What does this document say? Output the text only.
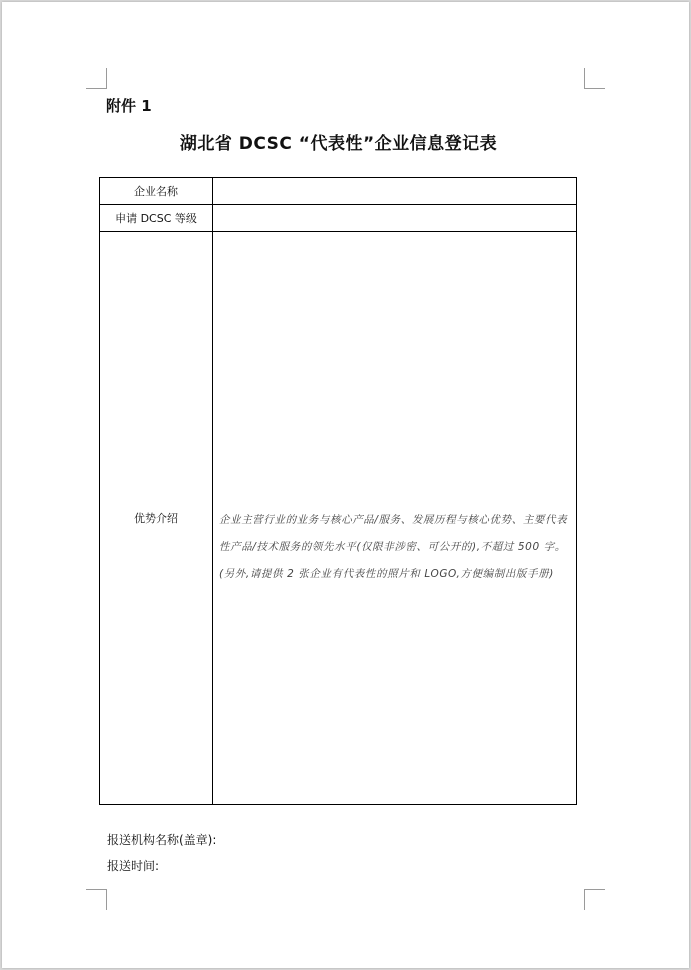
附件 1
湖北省 DCSC “代表性”企业信息登记表
企业名称	
申请 DCSC 等级	
优势介绍	企业主营行业的业务与核心产品/服务、发展历程与核心优势、主要代表性产品/技术服务的领先水平(仅限非涉密、可公开的),不超过 500 字。(另外,请提供 2 张企业有代表性的照片和 LOGO,方便编制出版手册)
报送机构名称(盖章):
报送时间:
